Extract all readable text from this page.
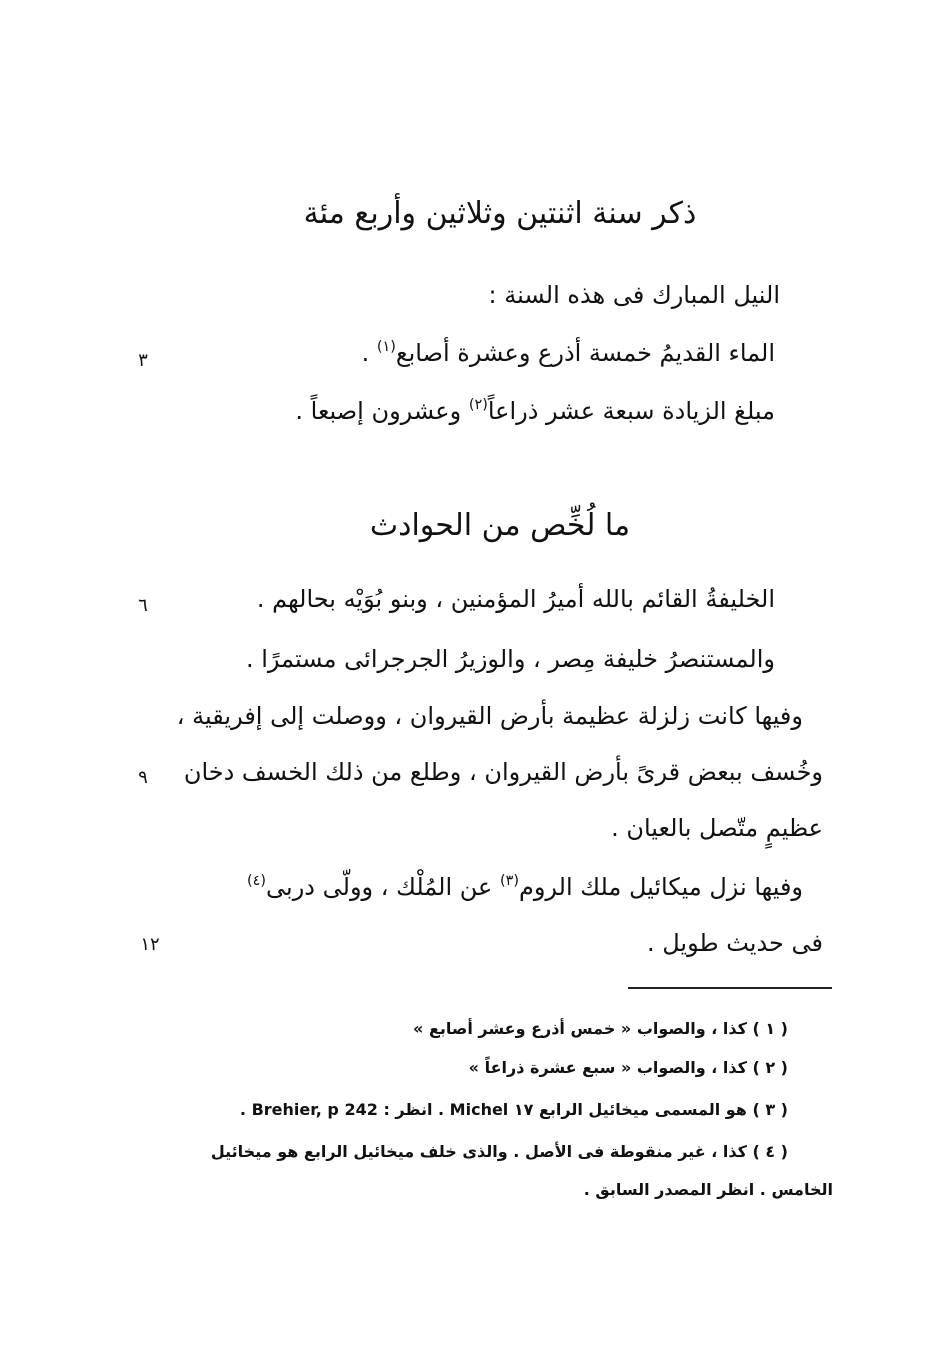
ذكر سنة اثنتين وثلاثين وأربع مئة
النيل المبارك فى هذه السنة :
الماء القديمُ خمسة أذرع وعشرة أصابع$^{(١)}$ .
مبلغ الزيادة سبعة عشر ذراعاً$^{(٢)}$ وعشرون إصبعاً .
ما لُخِّص من الحوادث
الخليفةُ القائم بالله أميرُ المؤمنين ، وبنو بُوَيْه بحالهم .
والمستنصرُ خليفة مِصر ، والوزيرُ الجرجرائى مستمرًا .
وفيها كانت زلزلة عظيمة بأرض القيروان ، ووصلت إلى إفريقية ،
وخُسف ببعض قرىً بأرض القيروان ، وطلع من ذلك الخسف دخان
عظيمٍ متّصل بالعيان .
وفيها نزل ميكائيل ملك الروم$^{(٣)}$ عن المُلْك ، وولّى دربى$^{(٤)}$
فى حديث طويل .
٣
٦
٩
١٢
( ١ ) كذا ، والصواب « خمس أذرع وعشر أصابع »
( ٢ ) كذا ، والصواب « سبع عشرة ذراعاً »
( ٣ ) هو المسمى ميخائيل الرابع ١٧ Michel . انظر : Brehier, p 242 .
( ٤ ) كذا ، غير منقوطة فى الأصل . والذى خلف ميخائيل الرابع هو ميخائيل
الخامس . انظر المصدر السابق .
